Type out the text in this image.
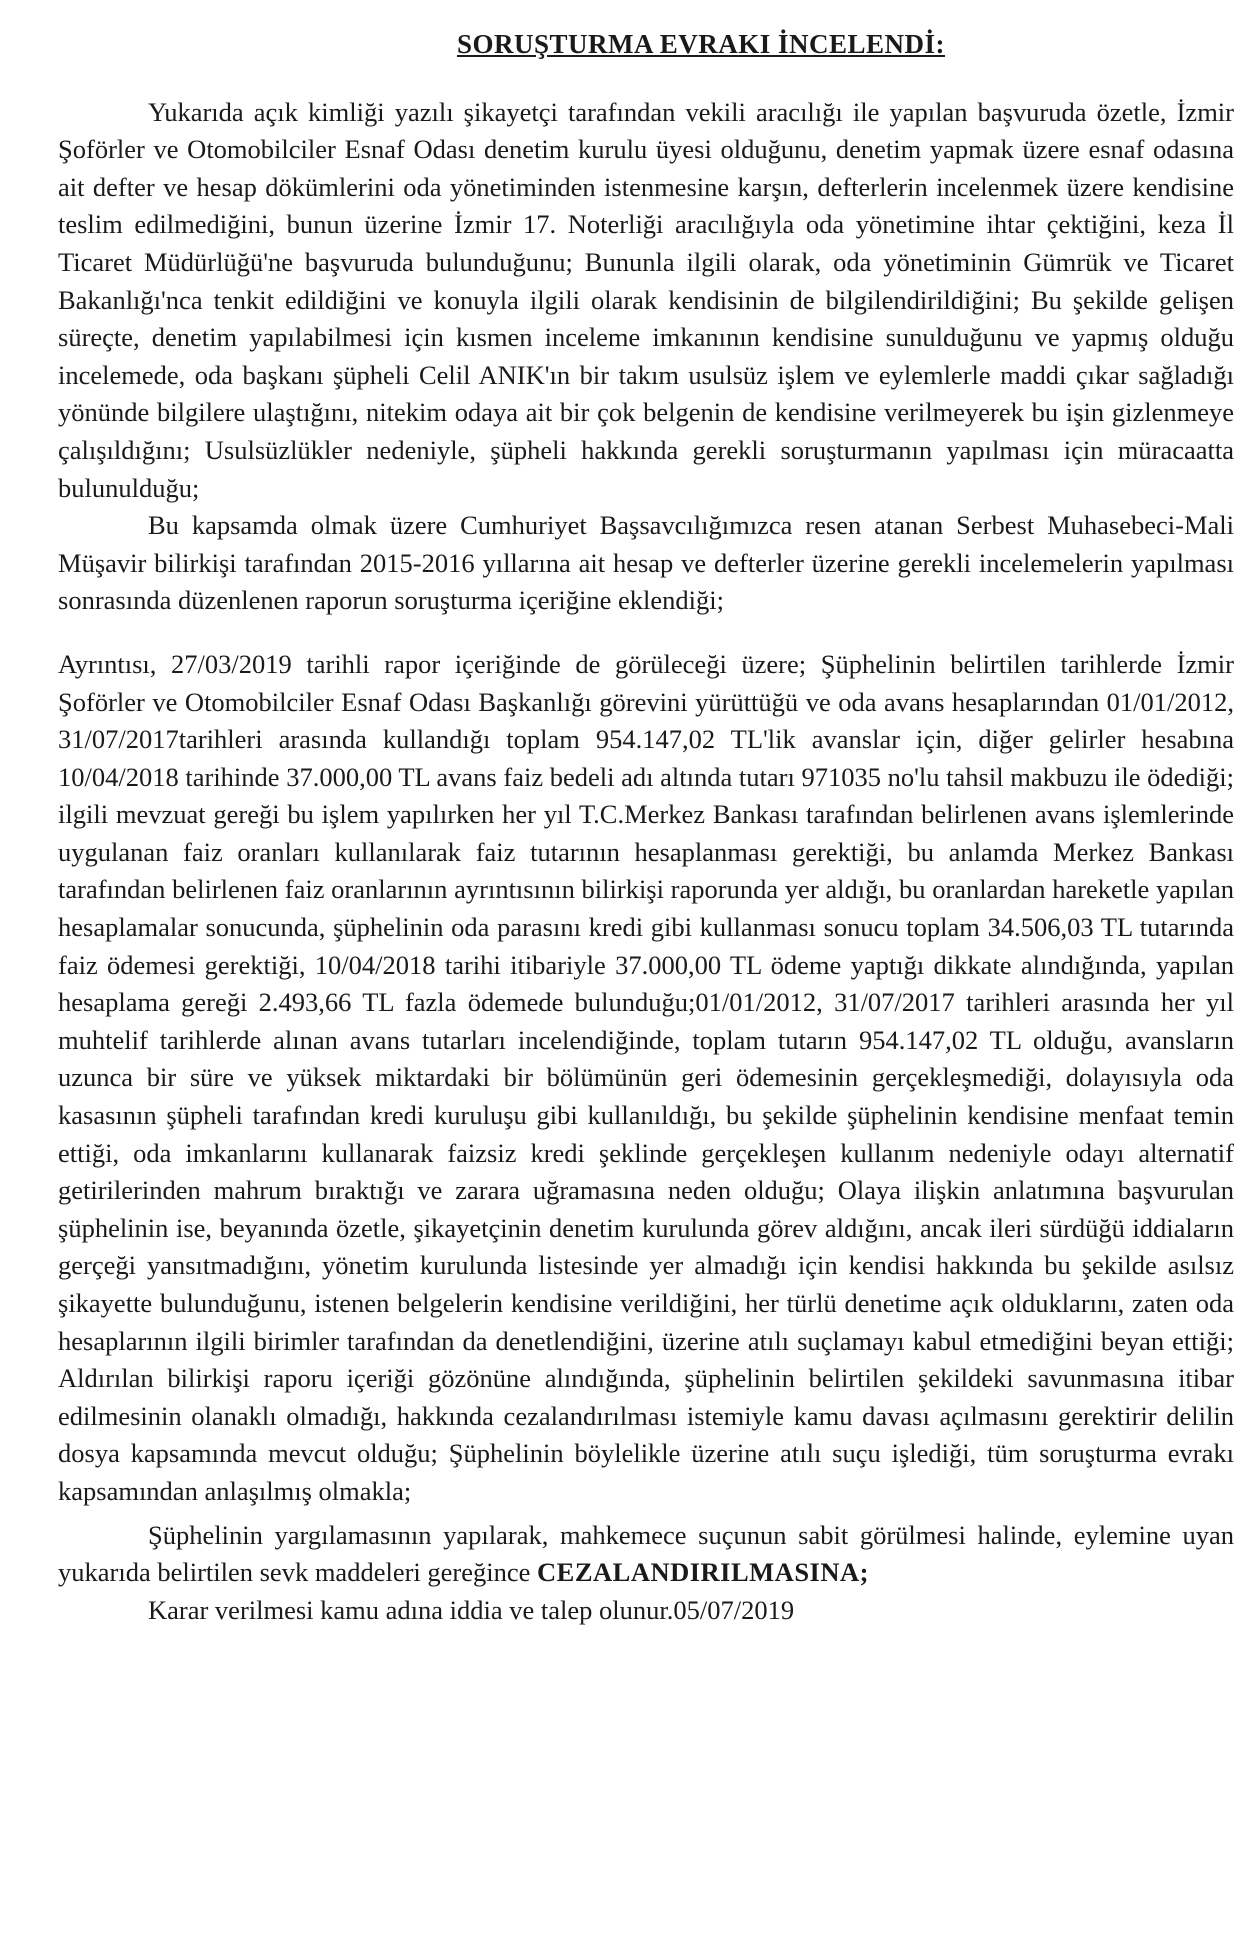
SORUŞTURMA EVRAKI İNCELENDİ:

Yukarıda açık kimliği yazılı şikayetçi tarafından vekili aracılığı ile yapılan başvuruda özetle, İzmir Şoförler ve Otomobilciler Esnaf Odası denetim kurulu üyesi olduğunu, denetim yapmak üzere esnaf odasına ait defter ve hesap dökümlerini oda yönetiminden istenmesine karşın, defterlerin incelenmek üzere kendisine teslim edilmediğini, bunun üzerine İzmir 17. Noterliği aracılığıyla oda yönetimine ihtar çektiğini, keza İl Ticaret Müdürlüğü'ne başvuruda bulunduğunu; Bununla ilgili olarak, oda yönetiminin Gümrük ve Ticaret Bakanlığı'nca tenkit edildiğini ve konuyla ilgili olarak kendisinin de bilgilendirildiğini; Bu şekilde gelişen süreçte, denetim yapılabilmesi için kısmen inceleme imkanının kendisine sunulduğunu ve yapmış olduğu incelemede, oda başkanı şüpheli Celil ANIK'ın bir takım usulsüz işlem ve eylemlerle maddi çıkar sağladığı yönünde bilgilere ulaştığını, nitekim odaya ait bir çok belgenin de kendisine verilmeyerek bu işin gizlenmeye çalışıldığını; Usulsüzlükler nedeniyle, şüpheli hakkında gerekli soruşturmanın yapılması için müracaatta bulunulduğu;

Bu kapsamda olmak üzere Cumhuriyet Başsavcılığımızca resen atanan Serbest Muhasebeci-Mali Müşavir bilirkişi tarafından 2015-2016 yıllarına ait hesap ve defterler üzerine gerekli incelemelerin yapılması sonrasında düzenlenen raporun soruşturma içeriğine eklendiği;

Ayrıntısı, 27/03/2019 tarihli rapor içeriğinde de görüleceği üzere; Şüphelinin belirtilen tarihlerde İzmir Şoförler ve Otomobilciler Esnaf Odası Başkanlığı görevini yürüttüğü ve oda avans hesaplarından 01/01/2012, 31/07/2017tarihleri arasında kullandığı toplam 954.147,02 TL'lik avanslar için, diğer gelirler hesabına 10/04/2018 tarihinde 37.000,00 TL avans faiz bedeli adı altında tutarı 971035 no'lu tahsil makbuzu ile ödediği; ilgili mevzuat gereği bu işlem yapılırken her yıl T.C.Merkez Bankası tarafından belirlenen avans işlemlerinde uygulanan faiz oranları kullanılarak faiz tutarının hesaplanması gerektiği, bu anlamda Merkez Bankası tarafından belirlenen faiz oranlarının ayrıntısının bilirkişi raporunda yer aldığı, bu oranlardan hareketle yapılan hesaplamalar sonucunda, şüphelinin oda parasını kredi gibi kullanması sonucu toplam 34.506,03 TL tutarında faiz ödemesi gerektiği, 10/04/2018 tarihi itibariyle 37.000,00 TL ödeme yaptığı dikkate alındığında, yapılan hesaplama gereği 2.493,66 TL fazla ödemede bulunduğu;01/01/2012, 31/07/2017 tarihleri arasında her yıl muhtelif tarihlerde alınan avans tutarları incelendiğinde, toplam tutarın 954.147,02 TL olduğu, avansların uzunca bir süre ve yüksek miktardaki bir bölümünün geri ödemesinin gerçekleşmediği, dolayısıyla oda kasasının şüpheli tarafından kredi kuruluşu gibi kullanıldığı, bu şekilde şüphelinin kendisine menfaat temin ettiği, oda imkanlarını kullanarak faizsiz kredi şeklinde gerçekleşen kullanım nedeniyle odayı alternatif getirilerinden mahrum bıraktığı ve zarara uğramasına neden olduğu; Olaya ilişkin anlatımına başvurulan şüphelinin ise, beyanında özetle, şikayetçinin denetim kurulunda görev aldığını, ancak ileri sürdüğü iddiaların gerçeği yansıtmadığını, yönetim kurulunda listesinde yer almadığı için kendisi hakkında bu şekilde asılsız şikayette bulunduğunu, istenen belgelerin kendisine verildiğini, her türlü denetime açık olduklarını, zaten oda hesaplarının ilgili birimler tarafından da denetlendiğini, üzerine atılı suçlamayı kabul etmediğini beyan ettiği; Aldırılan bilirkişi raporu içeriği gözönüne alındığında, şüphelinin belirtilen şekildeki savunmasına itibar edilmesinin olanaklı olmadığı, hakkında cezalandırılması istemiyle kamu davası açılmasını gerektirir delilin dosya kapsamında mevcut olduğu; Şüphelinin böylelikle üzerine atılı suçu işlediği, tüm soruşturma evrakı kapsamından anlaşılmış olmakla;

Şüphelinin yargılamasının yapılarak, mahkemece suçunun sabit görülmesi halinde, eylemine uyan yukarıda belirtilen sevk maddeleri gereğince CEZALANDIRILMASINA;

Karar verilmesi kamu adına iddia ve talep olunur.05/07/2019
